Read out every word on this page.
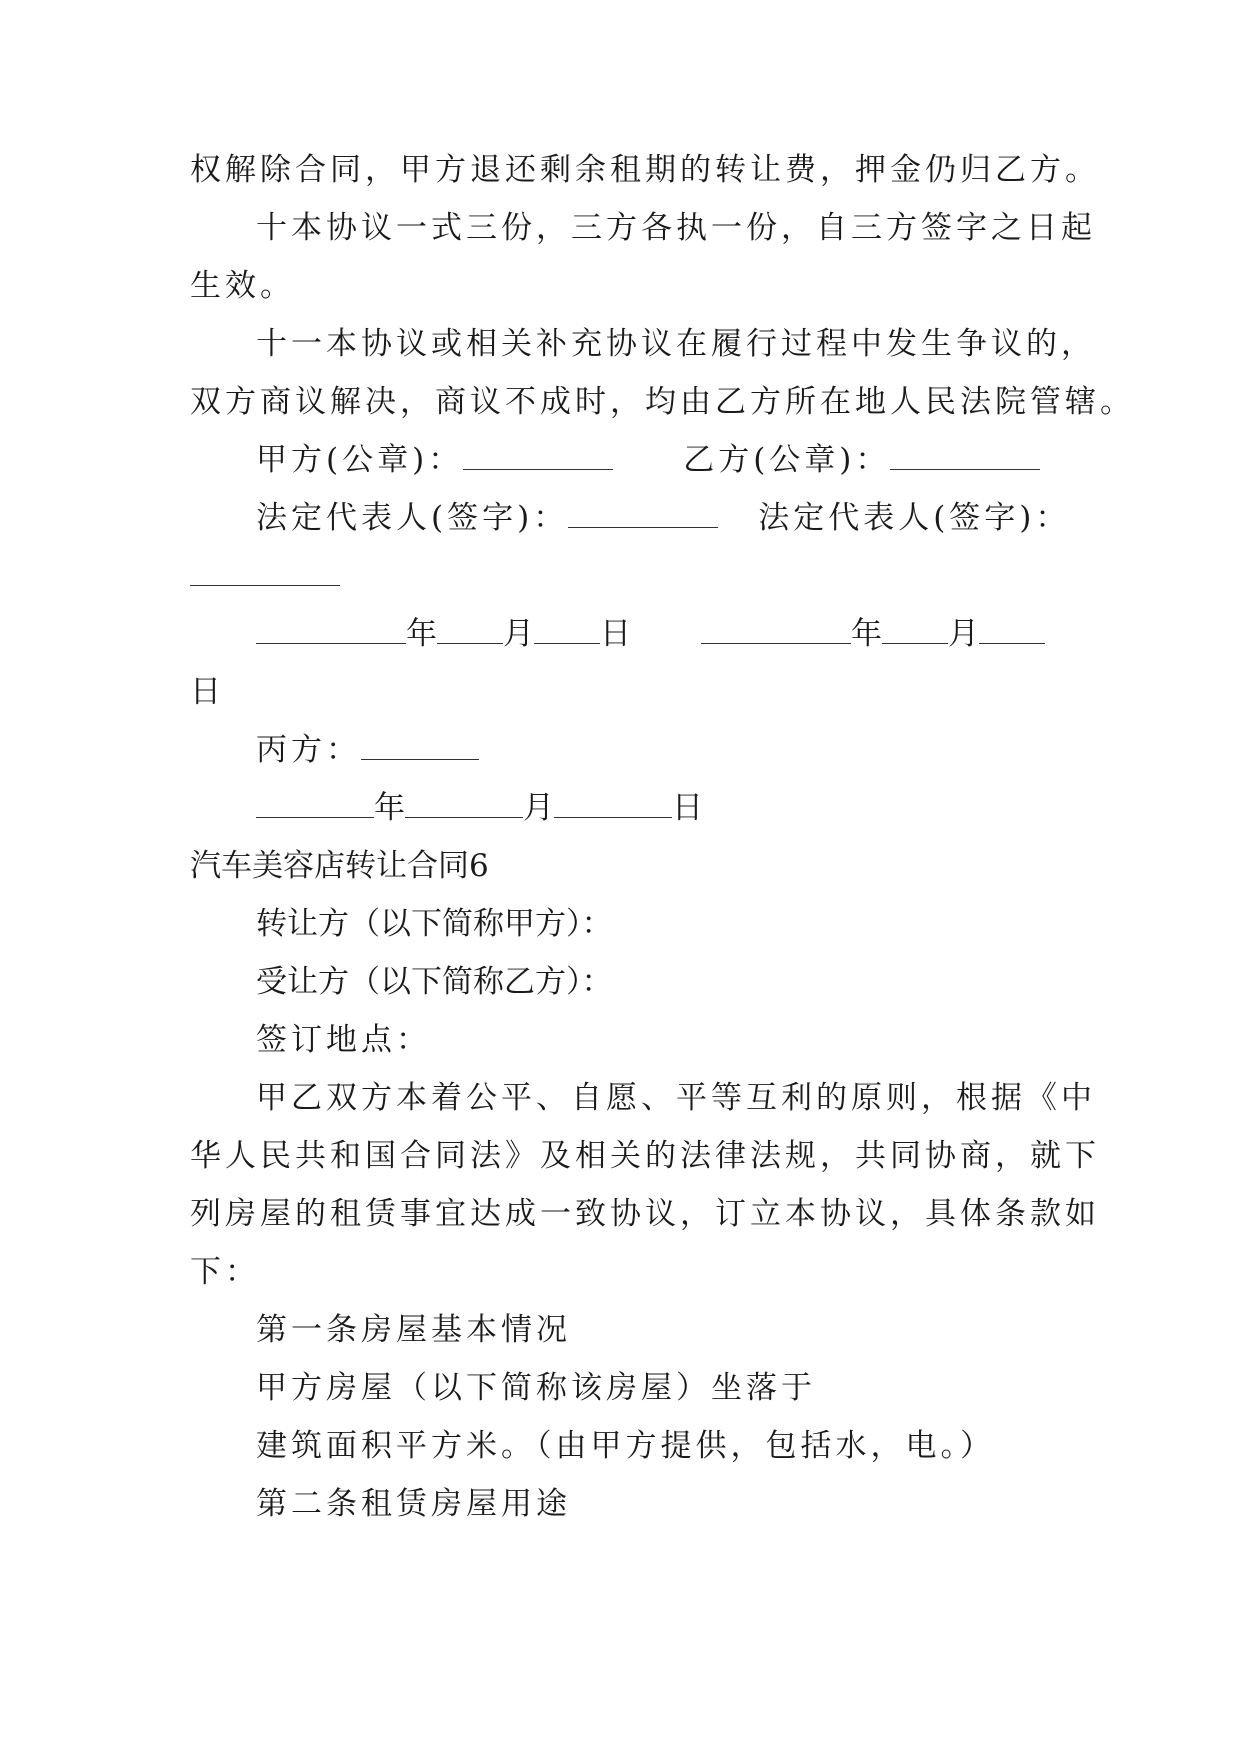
权解除合同，甲方退还剩余租期的转让费，押金仍归乙方。
十本协议一式三份，三方各执一份，自三方签字之日起
生效。
十一本协议或相关补充协议在履行过程中发生争议的，
双方商议解决，商议不成时，均由乙方所在地人民法院管辖。
甲方(公章)：	乙方(公章)：
法定代表人(签字)：	法定代表人(签字)：
年 月 日	年 月
日
丙方：
年	月	日
汽车美容店转让合同6
转让方（以下简称甲方）：
受让方（以下简称乙方）：
签订地点：
甲乙双方本着公平、自愿、平等互利的原则，根据《中
华人民共和国合同法》及相关的法律法规，共同协商，就下
列房屋的租赁事宜达成一致协议，订立本协议，具体条款如
下：
第一条房屋基本情况
甲方房屋（以下简称该房屋）坐落于
建筑面积平方米。（由甲方提供，包括水，电。）
第二条租赁房屋用途
